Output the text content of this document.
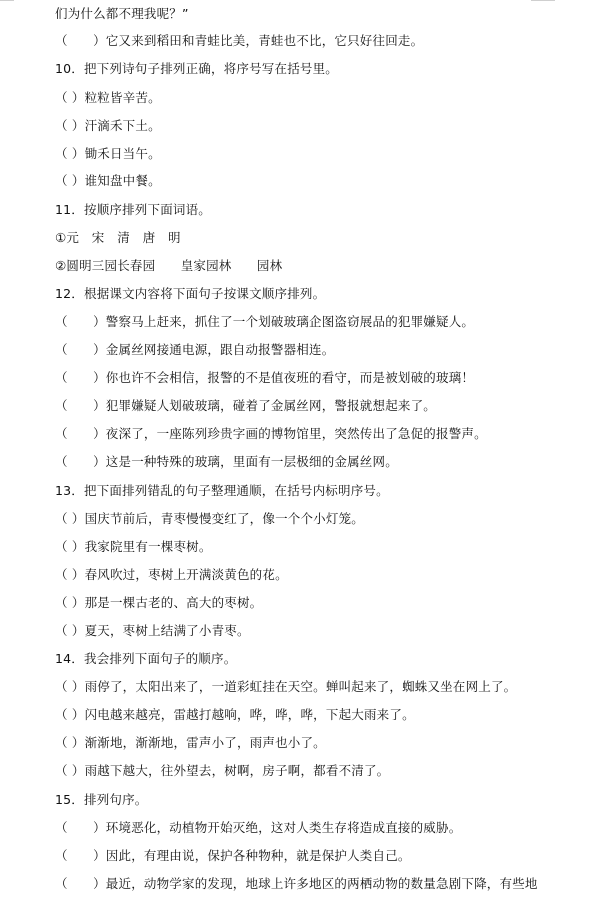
们为什么都不理我呢？”
（　　）它又来到稻田和青蛙比美，青蛙也不比，它只好往回走。
10．把下列诗句子排列正确，将序号写在括号里。
（ ）粒粒皆辛苦。
（ ）汗滴禾下土。
（ ）锄禾日当午。
（ ）谁知盘中餐。
11．按顺序排列下面词语。
①元　宋　清　唐　明
②圆明三园长春园　　皇家园林　　园林
12．根据课文内容将下面句子按课文顺序排列。
（　　）警察马上赶来，抓住了一个划破玻璃企图盗窃展品的犯罪嫌疑人。
（　　）金属丝网接通电源，跟自动报警器相连。
（　　）你也许不会相信，报警的不是值夜班的看守，而是被划破的玻璃！
（　　）犯罪嫌疑人划破玻璃，碰着了金属丝网，警报就想起来了。
（　　）夜深了，一座陈列珍贵字画的博物馆里，突然传出了急促的报警声。
（　　）这是一种特殊的玻璃，里面有一层极细的金属丝网。
13．把下面排列错乱的句子整理通顺，在括号内标明序号。
（ ）国庆节前后，青枣慢慢变红了，像一个个小灯笼。
（ ）我家院里有一棵枣树。
（ ）春风吹过，枣树上开满淡黄色的花。
（ ）那是一棵古老的、高大的枣树。
（ ）夏天，枣树上结满了小青枣。
14．我会排列下面句子的顺序。
（ ）雨停了，太阳出来了，一道彩虹挂在天空。蝉叫起来了，蜘蛛又坐在网上了。
（ ）闪电越来越亮，雷越打越响，哗，哗，哗，下起大雨来了。
（ ）渐渐地，渐渐地，雷声小了，雨声也小了。
（ ）雨越下越大，往外望去，树啊，房子啊，都看不清了。
15．排列句序。
（　　）环境恶化，动植物开始灭绝，这对人类生存将造成直接的威胁。
（　　）因此，有理由说，保护各种物种，就是保护人类自己。
（　　）最近，动物学家的发现，地球上许多地区的两栖动物的数量急剧下降，有些地
